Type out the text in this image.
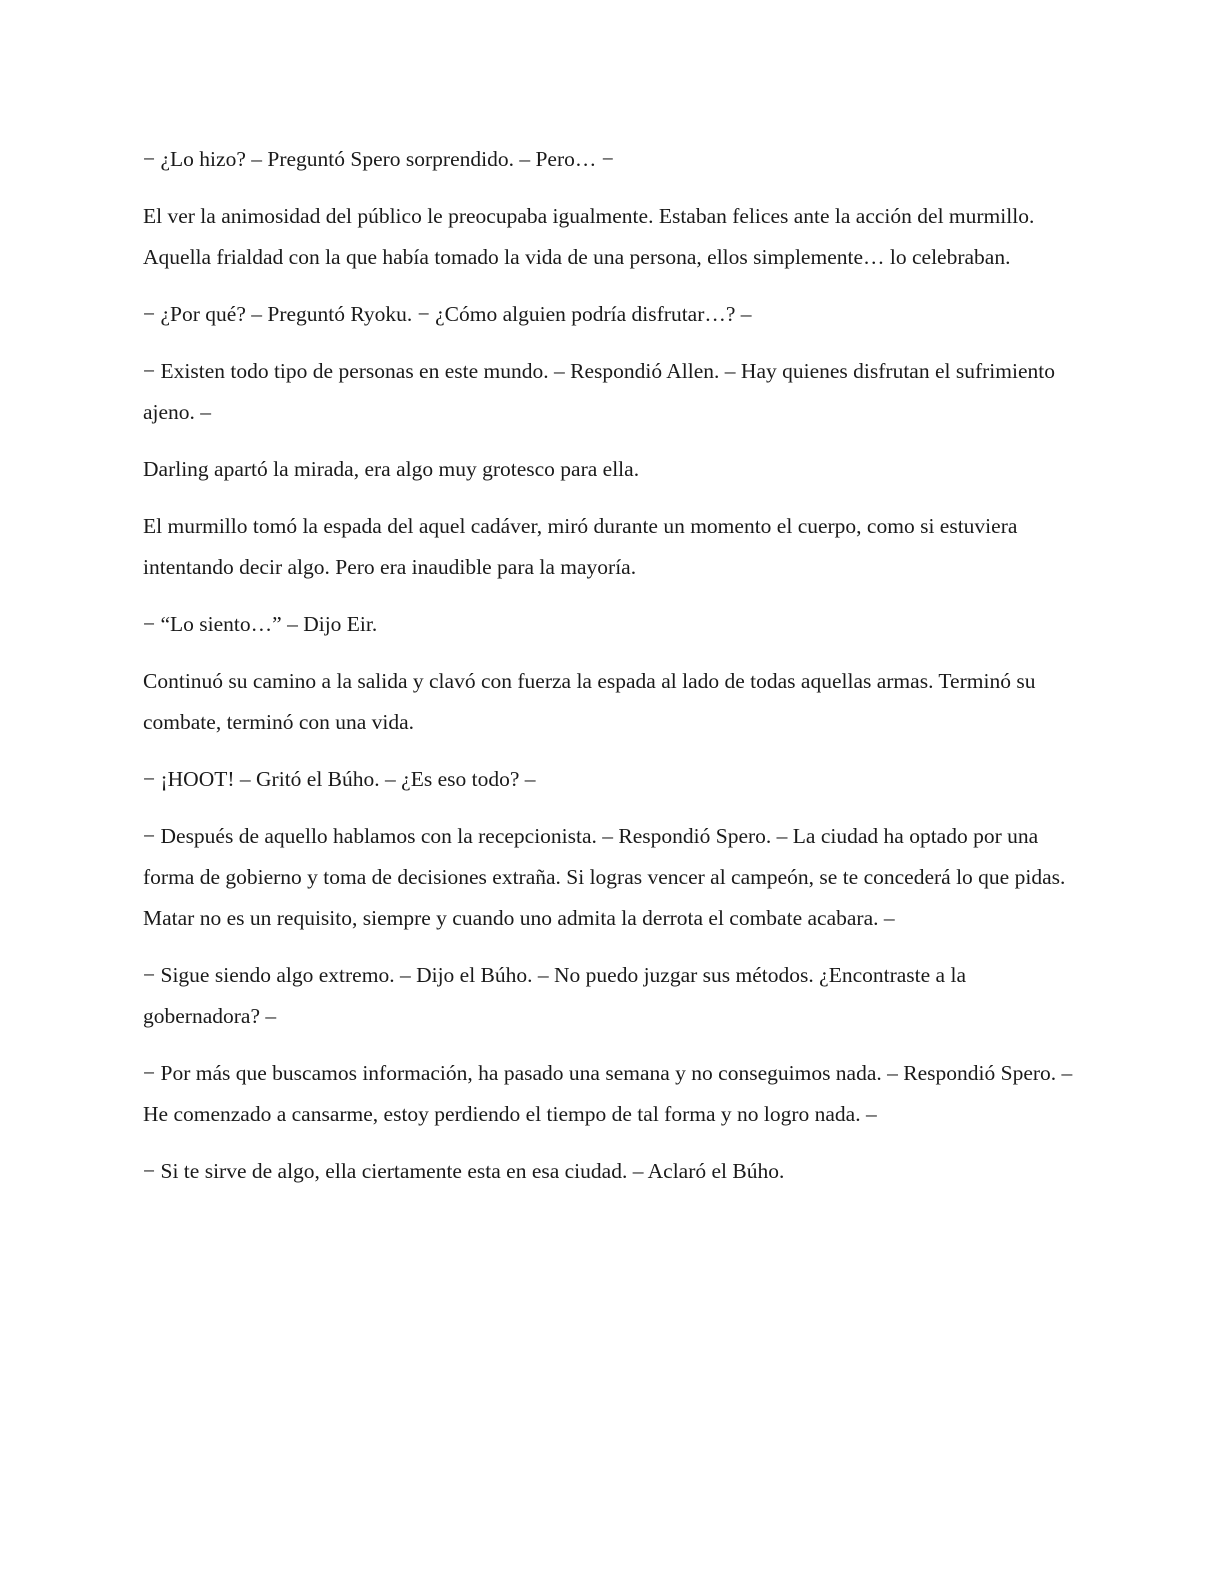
− ¿Lo hizo? – Preguntó Spero sorprendido. – Pero… −

El ver la animosidad del público le preocupaba igualmente. Estaban felices ante la acción del murmillo. Aquella frialdad con la que había tomado la vida de una persona, ellos simplemente… lo celebraban.

− ¿Por qué? – Preguntó Ryoku. − ¿Cómo alguien podría disfrutar…? –

− Existen todo tipo de personas en este mundo. – Respondió Allen. – Hay quienes disfrutan el sufrimiento ajeno. –

Darling apartó la mirada, era algo muy grotesco para ella.

El murmillo tomó la espada del aquel cadáver, miró durante un momento el cuerpo, como si estuviera intentando decir algo. Pero era inaudible para la mayoría.

− “Lo siento…” – Dijo Eir.

Continuó su camino a la salida y clavó con fuerza la espada al lado de todas aquellas armas. Terminó su combate, terminó con una vida.

− ¡HOOT! – Gritó el Búho. – ¿Es eso todo? –

− Después de aquello hablamos con la recepcionista. – Respondió Spero. – La ciudad ha optado por una forma de gobierno y toma de decisiones extraña. Si logras vencer al campeón, se te concederá lo que pidas. Matar no es un requisito, siempre y cuando uno admita la derrota el combate acabara. –

− Sigue siendo algo extremo. – Dijo el Búho. – No puedo juzgar sus métodos. ¿Encontraste a la gobernadora? –

− Por más que buscamos información, ha pasado una semana y no conseguimos nada. – Respondió Spero. – He comenzado a cansarme, estoy perdiendo el tiempo de tal forma y no logro nada. –

− Si te sirve de algo, ella ciertamente esta en esa ciudad. – Aclaró el Búho.
